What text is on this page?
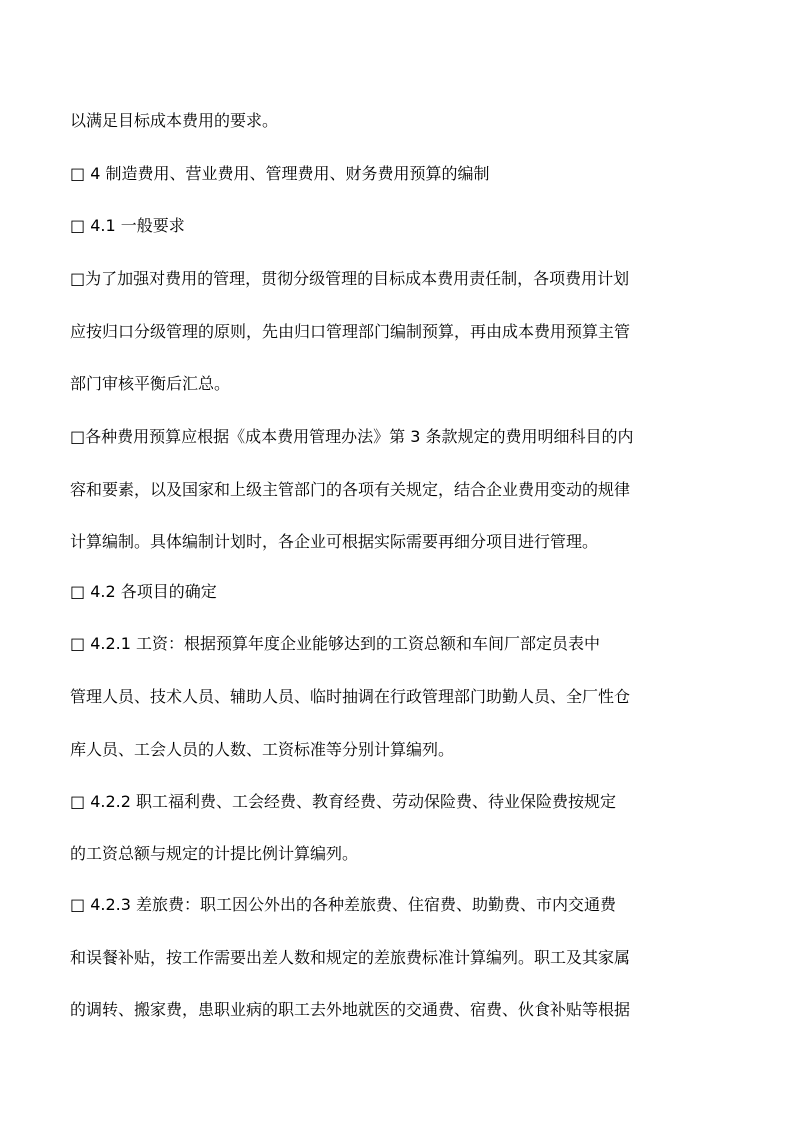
以满足目标成本费用的要求。
□ 4 制造费用、营业费用、管理费用、财务费用预算的编制
□ 4.1 一般要求
□为了加强对费用的管理，贯彻分级管理的目标成本费用责任制，各项费用计划
应按归口分级管理的原则，先由归口管理部门编制预算，再由成本费用预算主管
部门审核平衡后汇总。
□各种费用预算应根据《成本费用管理办法》第 3 条款规定的费用明细科目的内
容和要素，以及国家和上级主管部门的各项有关规定，结合企业费用变动的规律
计算编制。具体编制计划时，各企业可根据实际需要再细分项目进行管理。
□ 4.2 各项目的确定
□ 4.2.1 工资：根据预算年度企业能够达到的工资总额和车间厂部定员表中
管理人员、技术人员、辅助人员、临时抽调在行政管理部门助勤人员、全厂性仓
库人员、工会人员的人数、工资标准等分别计算编列。
□ 4.2.2 职工福利费、工会经费、教育经费、劳动保险费、待业保险费按规定
的工资总额与规定的计提比例计算编列。
□ 4.2.3 差旅费：职工因公外出的各种差旅费、住宿费、助勤费、市内交通费
和误餐补贴，按工作需要出差人数和规定的差旅费标准计算编列。职工及其家属
的调转、搬家费，患职业病的职工去外地就医的交通费、宿费、伙食补贴等根据
